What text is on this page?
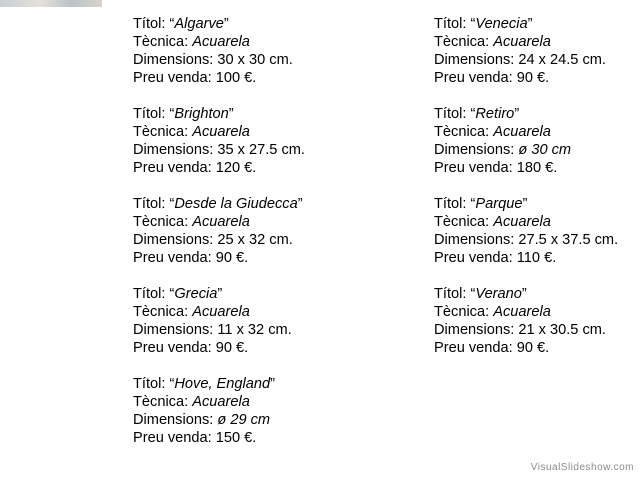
Títol: “Algarve”
Tècnica: Acuarela
Dimensions: 30 x 30 cm.
Preu venda: 100 €.
Títol: “Brighton”
Tècnica: Acuarela
Dimensions: 35 x 27.5 cm.
Preu venda: 120 €.
Títol: “Desde la Giudecca”
Tècnica: Acuarela
Dimensions: 25 x 32 cm.
Preu venda: 90 €.
Títol: “Grecia”
Tècnica: Acuarela
Dimensions: 11 x 32 cm.
Preu venda: 90 €.
Títol: “Hove, England”
Tècnica: Acuarela
Dimensions: ø 29 cm
Preu venda: 150 €.
Títol: “Venecia”
Tècnica: Acuarela
Dimensions: 24 x 24.5 cm.
Preu venda: 90 €.
Títol: “Retiro”
Tècnica: Acuarela
Dimensions: ø 30 cm
Preu venda: 180 €.
Títol: “Parque”
Tècnica: Acuarela
Dimensions: 27.5 x 37.5 cm.
Preu venda: 110 €.
Títol: “Verano”
Tècnica: Acuarela
Dimensions: 21 x 30.5 cm.
Preu venda: 90 €.
VisualSlideshow.com
